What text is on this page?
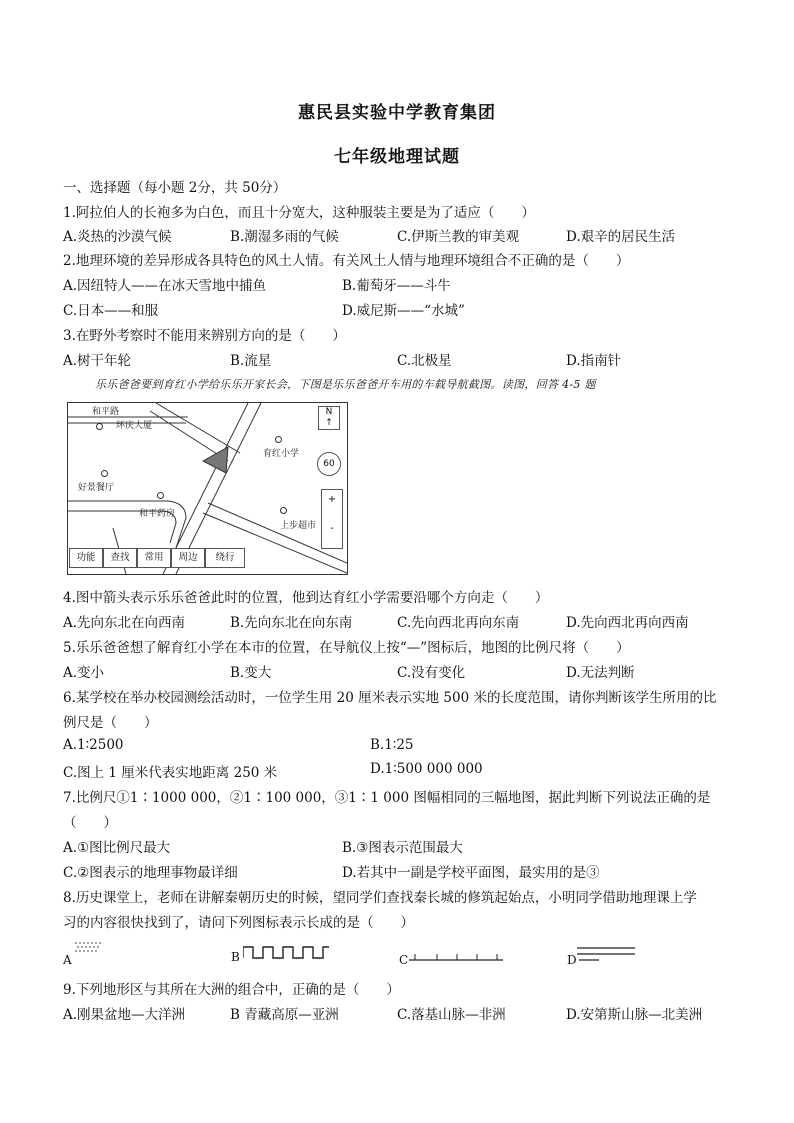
惠民县实验中学教育集团
七年级地理试题
一、选择题（每小题 2分，共 50分）
1.阿拉伯人的长袍多为白色，而且十分宽大，这种服装主要是为了适应（　　）
A.炎热的沙漠气候	B.潮湿多雨的气候	C.伊斯兰教的审美观	D.艰辛的居民生活
2.地理环境的差异形成各具特色的风土人情。有关风土人情与地理环境组合不正确的是（　　）
A.因纽特人——在冰天雪地中捕鱼	B.葡萄牙——斗牛
C.日本——和服	D.威尼斯——“水城”
3.在野外考察时不能用来辨别方向的是（　　）
A.树干年轮	B.流星	C.北极星	D.指南针
乐乐爸爸要到育红小学给乐乐开家长会，下图是乐乐爸爸开车用的车载导航截图。读图，回答 4-5 题
和平路
环庆大厦
育红小学
好景餐厅
和平药房
上步超市
N
↑
60
+
-
功能	查找	常用	周边	绕行
4.图中箭头表示乐乐爸爸此时的位置，他到达育红小学需要沿哪个方向走（　　）
A.先向东北在向西南	B.先向东北在向东南	C.先向西北再向东南	D.先向西北再向西南
5.乐乐爸爸想了解育红小学在本市的位置，在导航仪上按“—”图标后，地图的比例尺将（　　）
A.变小	B.变大	C.没有变化	D.无法判断
6.某学校在举办校园测绘活动时，一位学生用 20 厘米表示实地 500 米的长度范围，请你判断该学生所用的比
例尺是（　　）
A.1∶2500	B.1∶25
C.图上 1 厘米代表实地距离 250 米	D.1∶500 000 000
7.比例尺①1∶1000 000，②1∶100 000，③1∶1 000 图幅相同的三幅地图，据此判断下列说法正确的是
（　　）
A.①图比例尺最大	B.③图表示范围最大
C.②图表示的地理事物最详细	D.若其中一副是学校平面图，最实用的是③
8.历史课堂上，老师在讲解秦朝历史的时候，望同学们查找秦长城的修筑起始点，小明同学借助地理课上学
习的内容很快找到了，请问下列图标表示长成的是（　　）
A	B	C	D
9.下列地形区与其所在大洲的组合中，正确的是（　　）
A.刚果盆地—大洋洲	B 青藏高原—亚洲	C.落基山脉—非洲	D.安第斯山脉—北美洲
